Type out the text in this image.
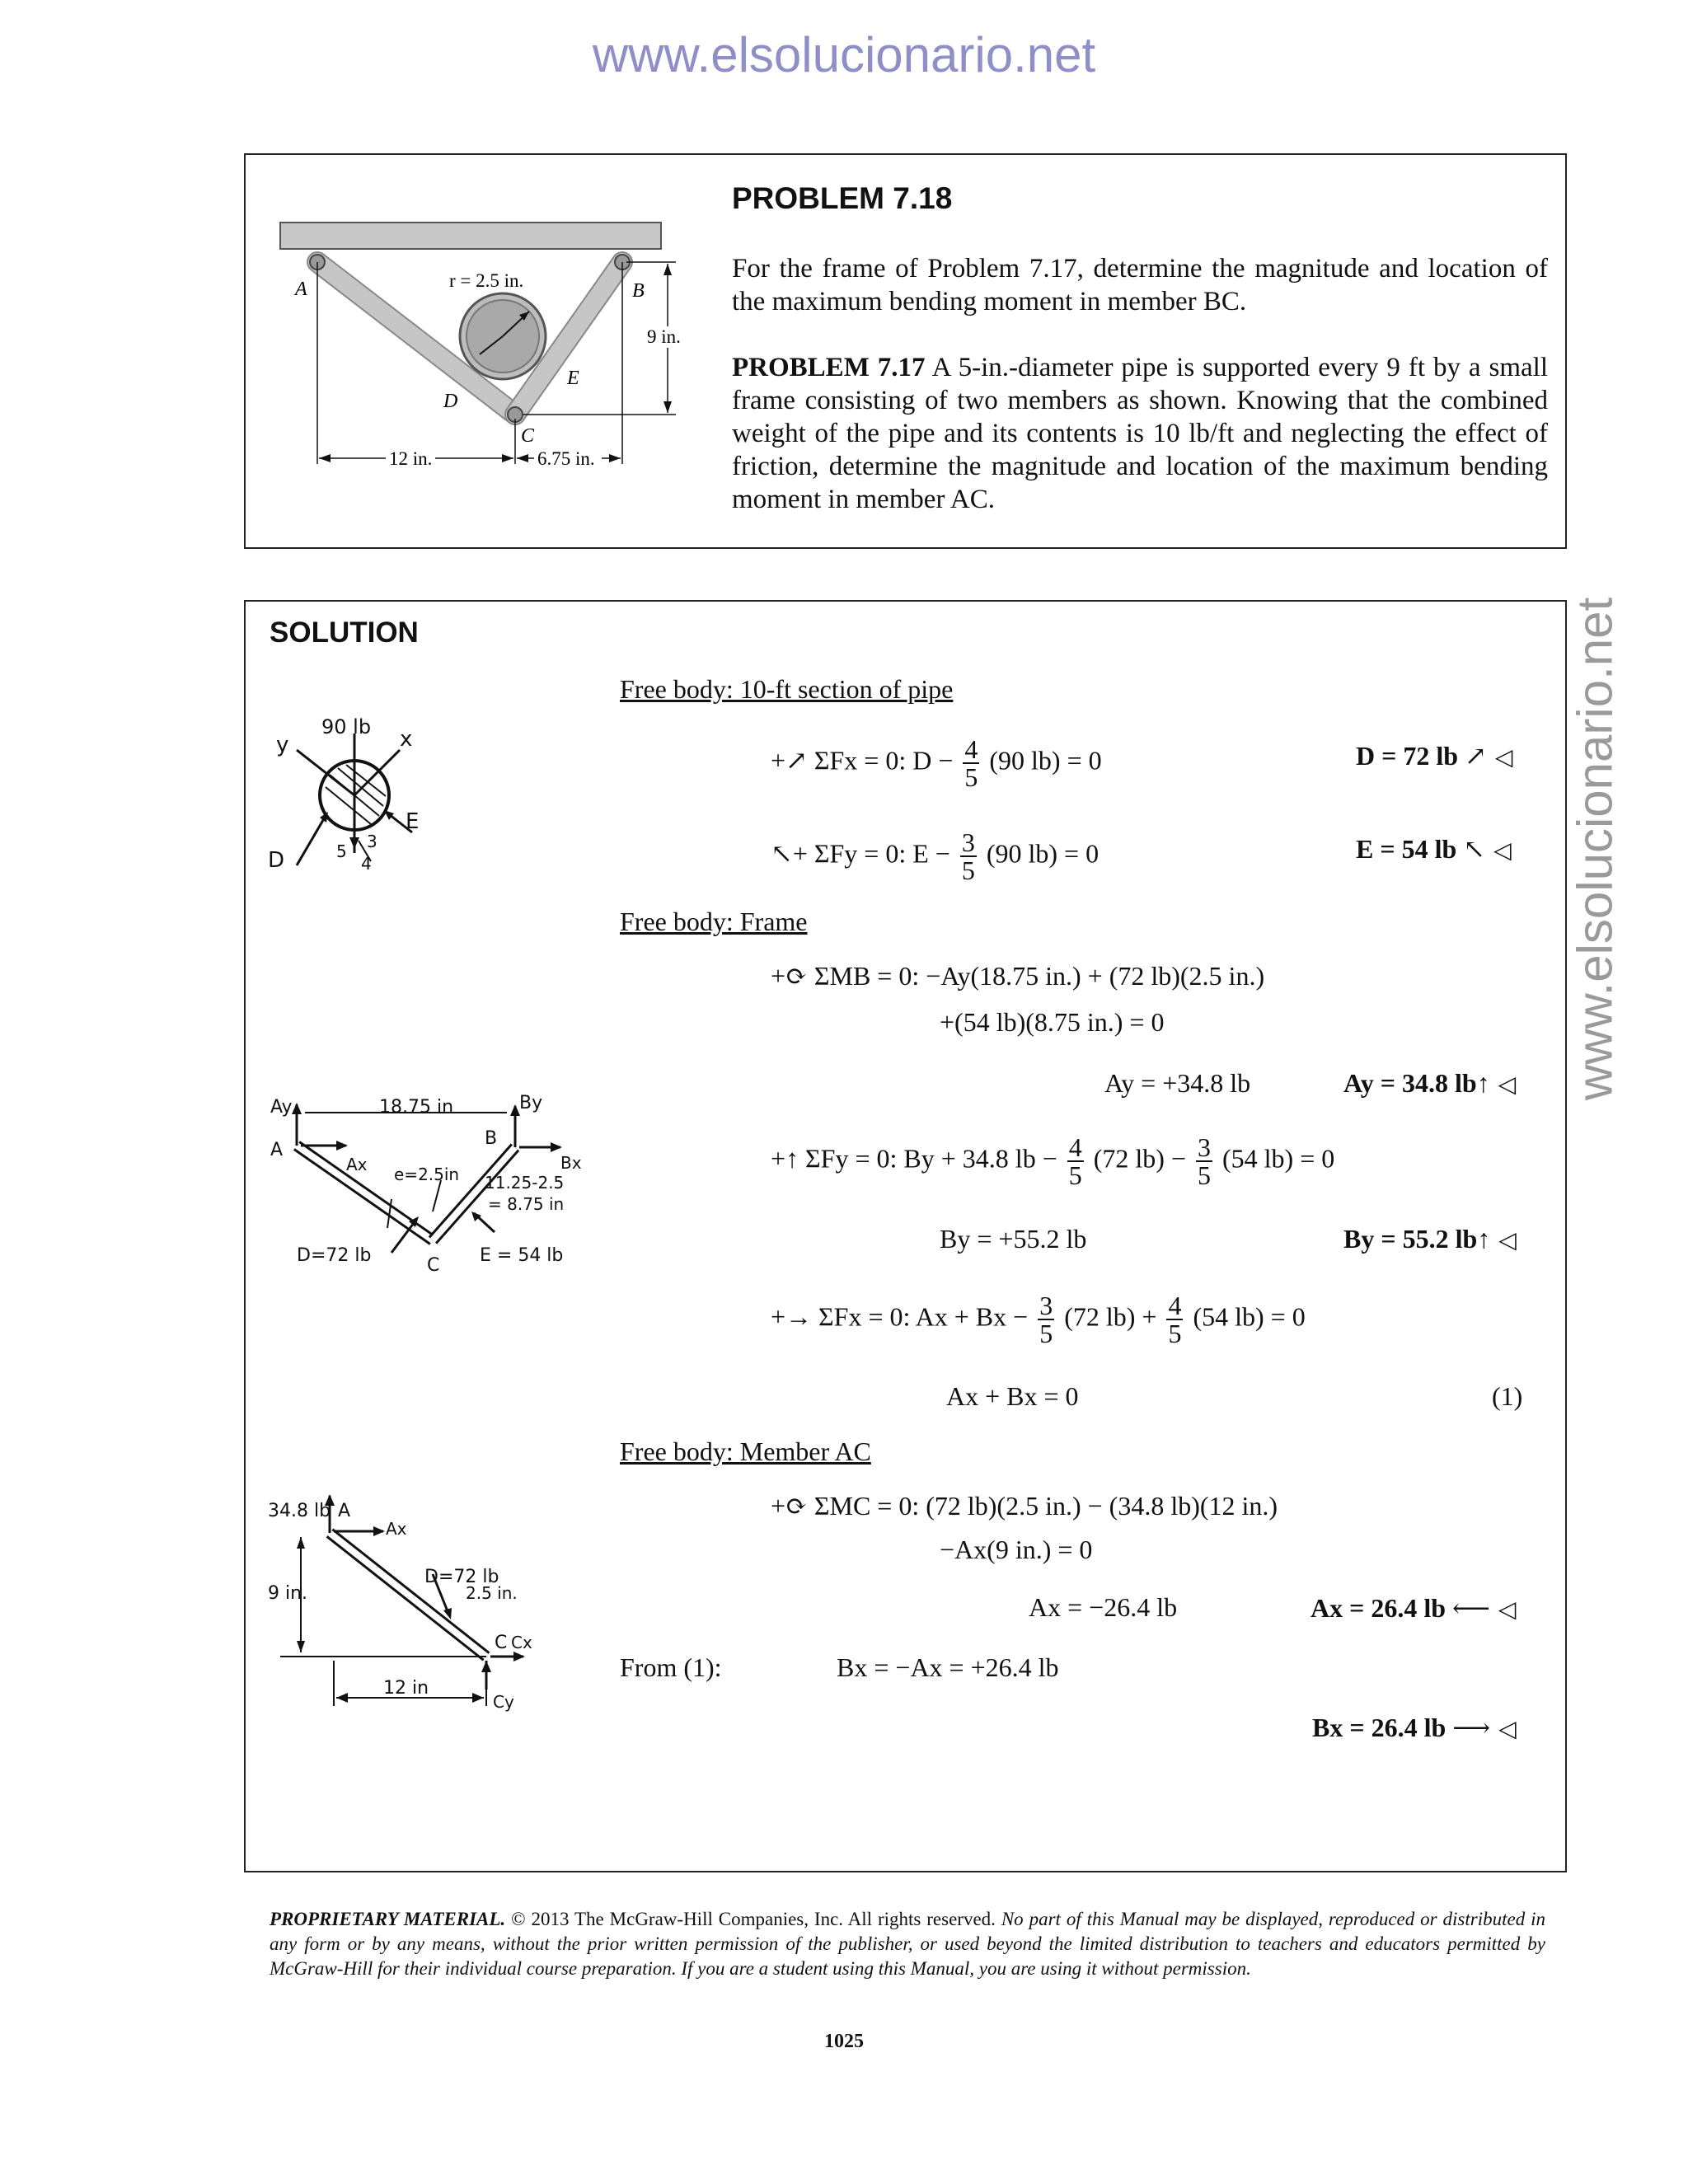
www.elsolucionario.net
www.elsolucionario.net
A	B
C
D
E
r = 2.5 in.
9 in.
12 in.	6.75 in.
PROBLEM 7.18
For the frame of Problem 7.17, determine the magnitude and location of the maximum bending moment in member BC.
PROBLEM 7.17 A 5-in.-diameter pipe is supported every 9 ft by a small frame consisting of two members as shown. Knowing that the combined weight of the pipe and its contents is 10 lb/ft and neglecting the effect of friction, determine the magnitude and location of the maximum bending moment in member AC.
SOLUTION
90 lb x
y
D
E
5
4
3
Ay
A
Ax
18.75 in	By
B
Bx
e=2.5in 11.25-2.5
= 8.75 in
D=72 lb	C E = 54 lb
34.8 lb A
Ax
9 in.
D=72 lb
2.5 in.
C Cx
Cy
12 in
Free body: 10-ft section of pipe
+↗ ΣFx = 0: $D - \frac{4}{5} (90$ lb) = 0	D = 72 lb ↗ ◁
↖+ ΣFy = 0: $E - \frac{3}{5} (90$ lb) = 0	E = 54 lb ↖ ◁
Free body: Frame
+⟳ ΣMB = 0: −Ay(18.75 in.) + (72 lb)(2.5 in.)
+(54 lb)(8.75 in.) = 0
Ay = +34.8 lb	Ay = 34.8 lb↑ ◁
+↑ ΣFy = 0: By + 34.8 lb − $\frac{4}{5} (72$ $lb) - \frac{3}{5} (54$ lb) = 0
By = +55.2 lb	By = 55.2 lb↑ ◁
+→ ΣFx = 0: $Ax + Bx - \frac{3}{5} (72$ $lb) + \frac{4}{5} (54$ lb) = 0
Ax + Bx = 0	(1)
Free body: Member AC
+⟳ ΣMC = 0: (72 lb)(2.5 in.) − (34.8 lb)(12 in.)
−Ax(9 in.) = 0
Ax = −26.4 lb	Ax = 26.4 lb ⟵ ◁
From (1):	Bx = −Ax = +26.4 lb
Bx = 26.4 lb ⟶ ◁
PROPRIETARY MATERIAL. © 2013 The McGraw-Hill Companies, Inc. All rights reserved. No part of this Manual may be displayed, reproduced or distributed in any form or by any means, without the prior written permission of the publisher, or used beyond the limited distribution to teachers and educators permitted by McGraw-Hill for their individual course preparation. If you are a student using this Manual, you are using it without permission.
1025
